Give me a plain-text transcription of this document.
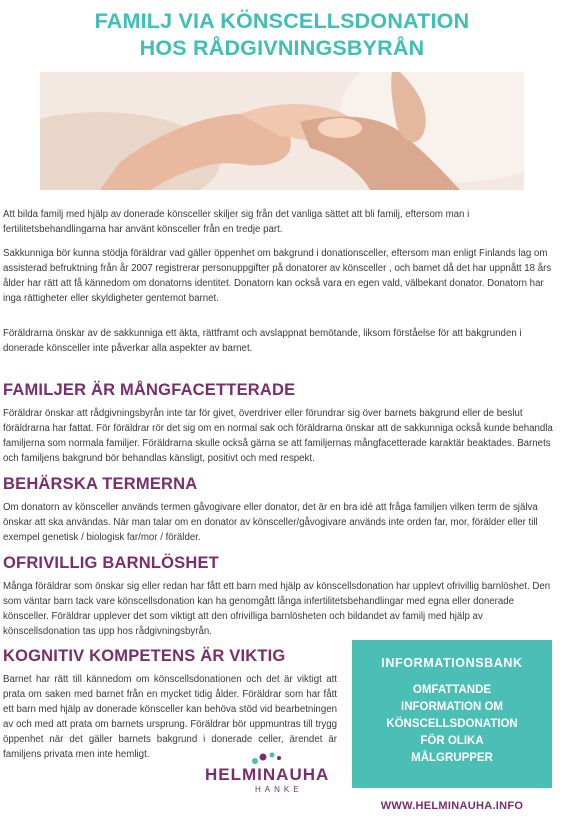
FAMILJ VIA KÖNSCELLSDONATION HOS RÅDGIVNINGSBYRÅN

Att bilda familj med hjälp av donerade könsceller skiljer sig från det vanliga sättet att bli familj, eftersom man i fertilitetsbehandlingarna har använt könsceller från en tredje part.

Sakkunniga bör kunna stödja föräldrar vad gäller öppenhet om bakgrund i donationsceller, eftersom man enligt Finlands lag om assisterad befruktning från år 2007 registrerar personuppgifter på donatorer av könsceller , och barnet då det har uppnått 18 års ålder har rätt att få kännedom om donatorns identitet. Donatorn kan också vara en egen vald, välbekant donator. Donatorn har inga rättigheter eller skyldigheter gentemot barnet.

Föräldrarna önskar av de sakkunniga ett äkta, rättframt och avslappnat bemötande, liksom förståelse för att bakgrunden i donerade könsceller inte påverkar alla aspekter av barnet.

FAMILJER ÄR MÅNGFACETTERADE

Föräldrar önskar att rådgivningsbyrån inte tar för givet, överdriver eller förundrar sig över barnets bakgrund eller de beslut föräldrarna har fattat. För föräldrar rör det sig om en normal sak och föräldrarna önskar att de sakkunniga också kunde behandla familjerna som normala familjer. Föräldrarna skulle också gärna se att familjernas mångfacetterade karaktär beaktades. Barnets och familjens bakgrund bör behandlas känsligt, positivt och med respekt.

BEHÄRSKA TERMERNA

Om donatorn av könsceller används termen gåvogivare eller donator, det är en bra idé att fråga familjen vilken term de själva önskar att ska användas. När man talar om en donator av könsceller/gåvogivare används inte orden far, mor, förälder eller till exempel genetisk / biologisk far/mor / förälder.

OFRIVILLIG BARNLÖSHET

Många föräldrar som önskar sig eller redan har fått ett barn med hjälp av könscellsdonation har upplevt ofrivillig barnlöshet. Den som väntar barn tack vare könscellsdonation kan ha genomgått långa infertilitetsbehandlingar med egna eller donerade könsceller. Föräldrar upplever det som viktigt att den ofrivilliga barnlösheten och bildandet av familj med hjälp av könscellsdonation tas upp hos rådgivningsbyrån.

KOGNITIV KOMPETENS ÄR VIKTIG

Barnet har rätt till kännedom om könscellsdonationen och det är viktigt att prata om saken med barnet från en mycket tidig ålder. Föräldrar som har fått ett barn med hjälp av donerade könsceller kan behöva stöd vid bearbetningen av och med att prata om barnets ursprung. Föräldrar bör uppmuntras till trygg öppenhet när det gäller barnets bakgrund i donerade celler, ärendet är familjens privata men inte hemligt.

HELMINAUHA
HANKE
INFORMATIONSBANK
OMFATTANDE INFORMATION OM KÖNSCELLSDONATION FÖR OLIKA MÅLGRUPPER
WWW.HELMINAUHA.INFO
